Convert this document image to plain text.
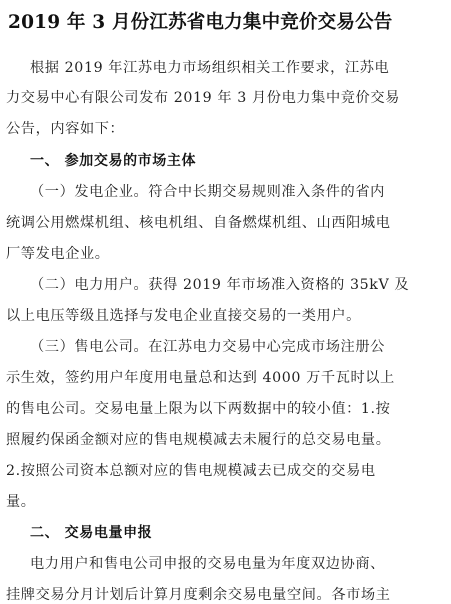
2019 年 3 月份江苏省电力集中竞价交易公告
根据 2019 年江苏电力市场组织相关工作要求，江苏电
力交易中心有限公司发布 2019 年 3 月份电力集中竞价交易
公告，内容如下：
一、 参加交易的市场主体
（一）发电企业。符合中长期交易规则准入条件的省内
统调公用燃煤机组、核电机组、自备燃煤机组、山西阳城电
厂等发电企业。
（二）电力用户。获得 2019 年市场准入资格的 35kV 及
以上电压等级且选择与发电企业直接交易的一类用户。
（三）售电公司。在江苏电力交易中心完成市场注册公
示生效，签约用户年度用电量总和达到 4000 万千瓦时以上
的售电公司。交易电量上限为以下两数据中的较小值：1.按
照履约保函金额对应的售电规模减去未履行的总交易电量。
2.按照公司资本总额对应的售电规模减去已成交的交易电
量。
二、 交易电量申报
电力用户和售电公司申报的交易电量为年度双边协商、
挂牌交易分月计划后计算月度剩余交易电量空间。各市场主
